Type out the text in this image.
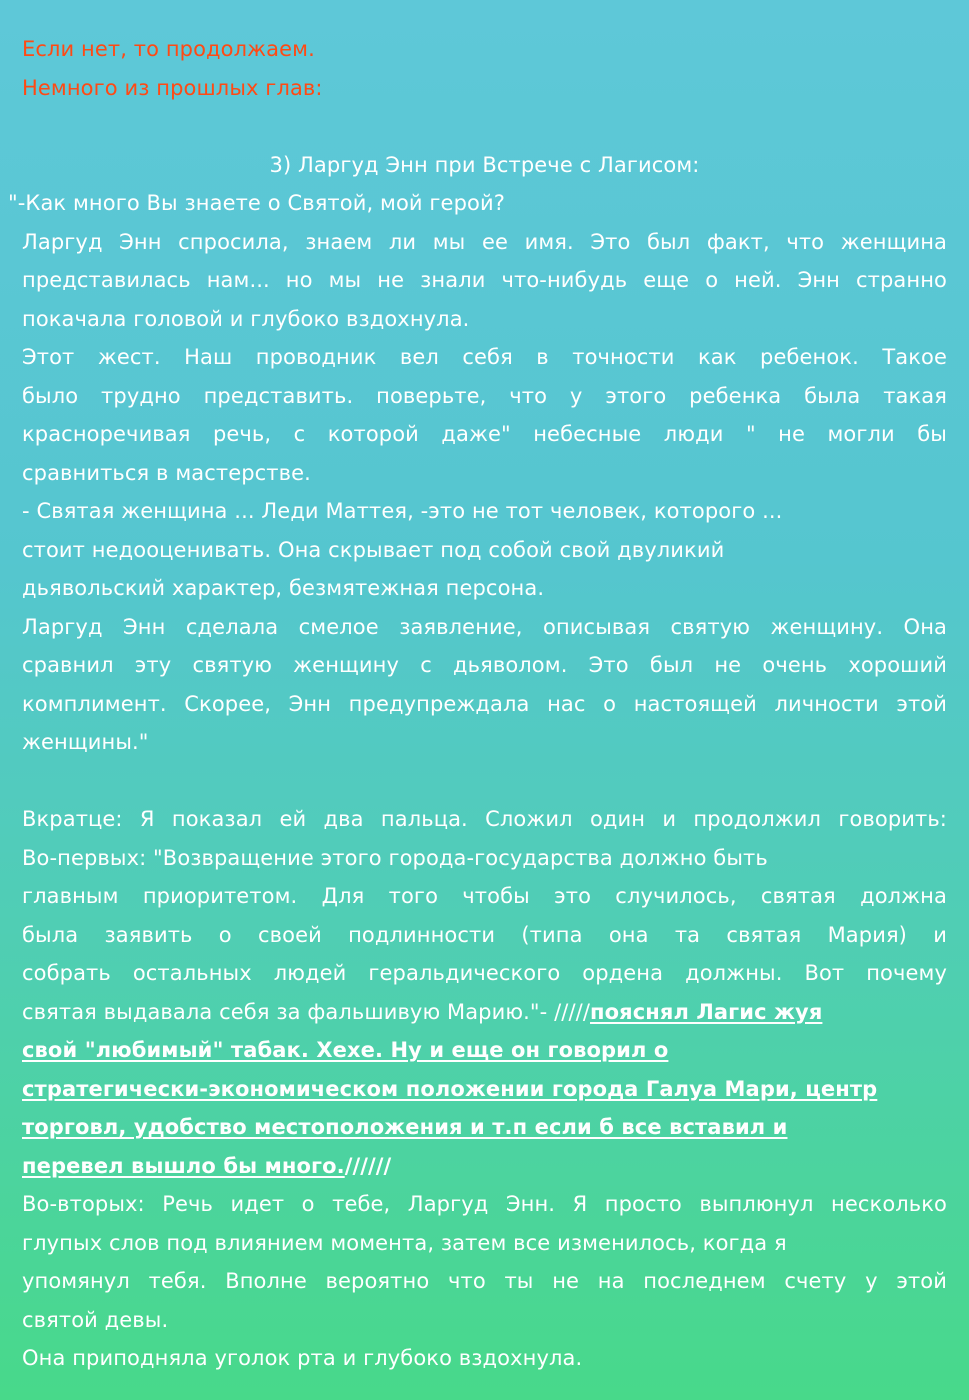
Если нет, то продолжаем.
Немного из прошлых глав:
3) Ларгуд Энн при Встрече с Лагисом:
"-Как много Вы знаете о Святой, мой герой?
Ларгуд Энн спросила, знаем ли мы ее имя. Это был факт, что женщина
представилась нам... но мы не знали что-нибудь еще о ней. Энн странно
покачала головой и глубоко вздохнула.
Этот жест. Наш проводник вел себя в точности как ребенок. Такое
было трудно представить. поверьте, что у этого ребенка была такая
красноречивая речь, с которой даже" небесные люди " не могли бы
сравниться в мастерстве.
- Святая женщина ... Леди Маттея, -это не тот человек, которого ...
стоит недооценивать. Она скрывает под собой свой двуликий
дьявольский характер, безмятежная персона.
Ларгуд Энн сделала смелое заявление, описывая святую женщину. Она
сравнил эту святую женщину с дьяволом. Это был не очень хороший
комплимент. Скорее, Энн предупреждала нас о настоящей личности этой
женщины."
Вкратце: Я показал ей два пальца. Сложил один и продолжил говорить:
Во-первых: "Возвращение этого города-государства должно быть
главным приоритетом. Для того чтобы это случилось, святая должна
была заявить о своей подлинности (типа она та святая Мария) и
собрать остальных людей геральдического ордена должны. Вот почему
святая выдавала себя за фальшивую Марию."- /////пояснял Лагис жуя
свой "любимый" табак. Хехе. Ну и еще он говорил о
стратегически-экономическом положении города Галуа Мари, центр
торговл, удобство местоположения и т.п если б все вставил и
перевел вышло бы много.//////
Во-вторых: Речь идет о тебе, Ларгуд Энн. Я просто выплюнул несколько
глупых слов под влиянием момента, затем все изменилось, когда я
упомянул тебя. Вполне вероятно что ты не на последнем счету у этой
святой девы.
Она приподняла уголок рта и глубоко вздохнула.
